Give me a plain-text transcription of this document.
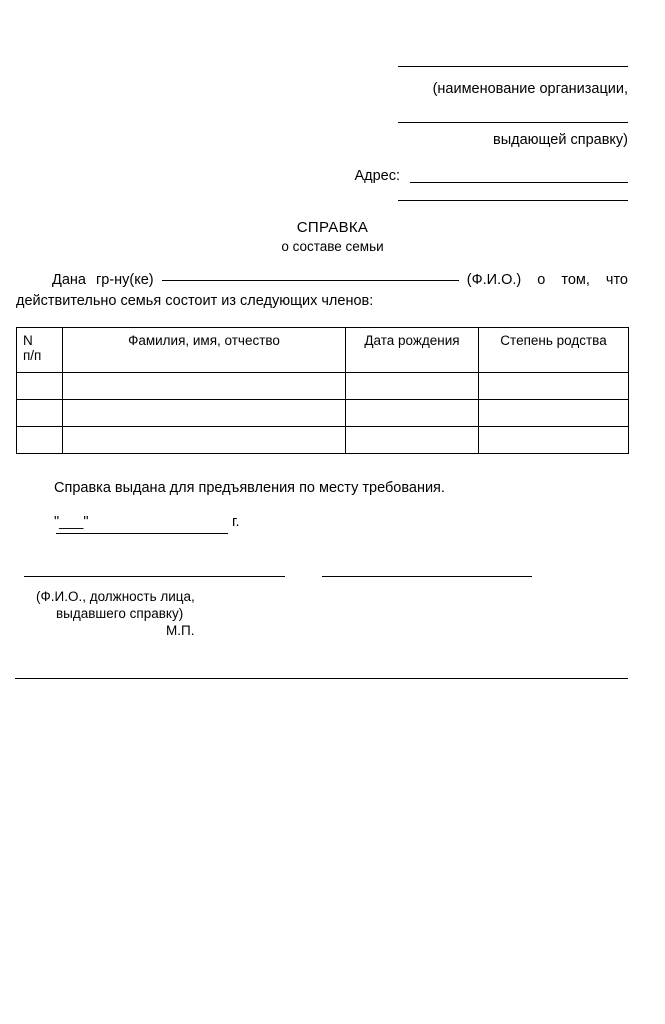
(наименование организации,
выдающей справку)
Адрес:
СПРАВКА
о составе семьи
Дана гр-ну(ке)	(Ф.И.О.) о том, что
действительно семья состоит из следующих членов:
N
п/п	Фамилия, имя, отчество	Дата рождения	Степень родства

Справка выдана для предъявления по месту требования.
"___"	г.
(Ф.И.О., должность лица,
выдавшего справку)
М.П.
